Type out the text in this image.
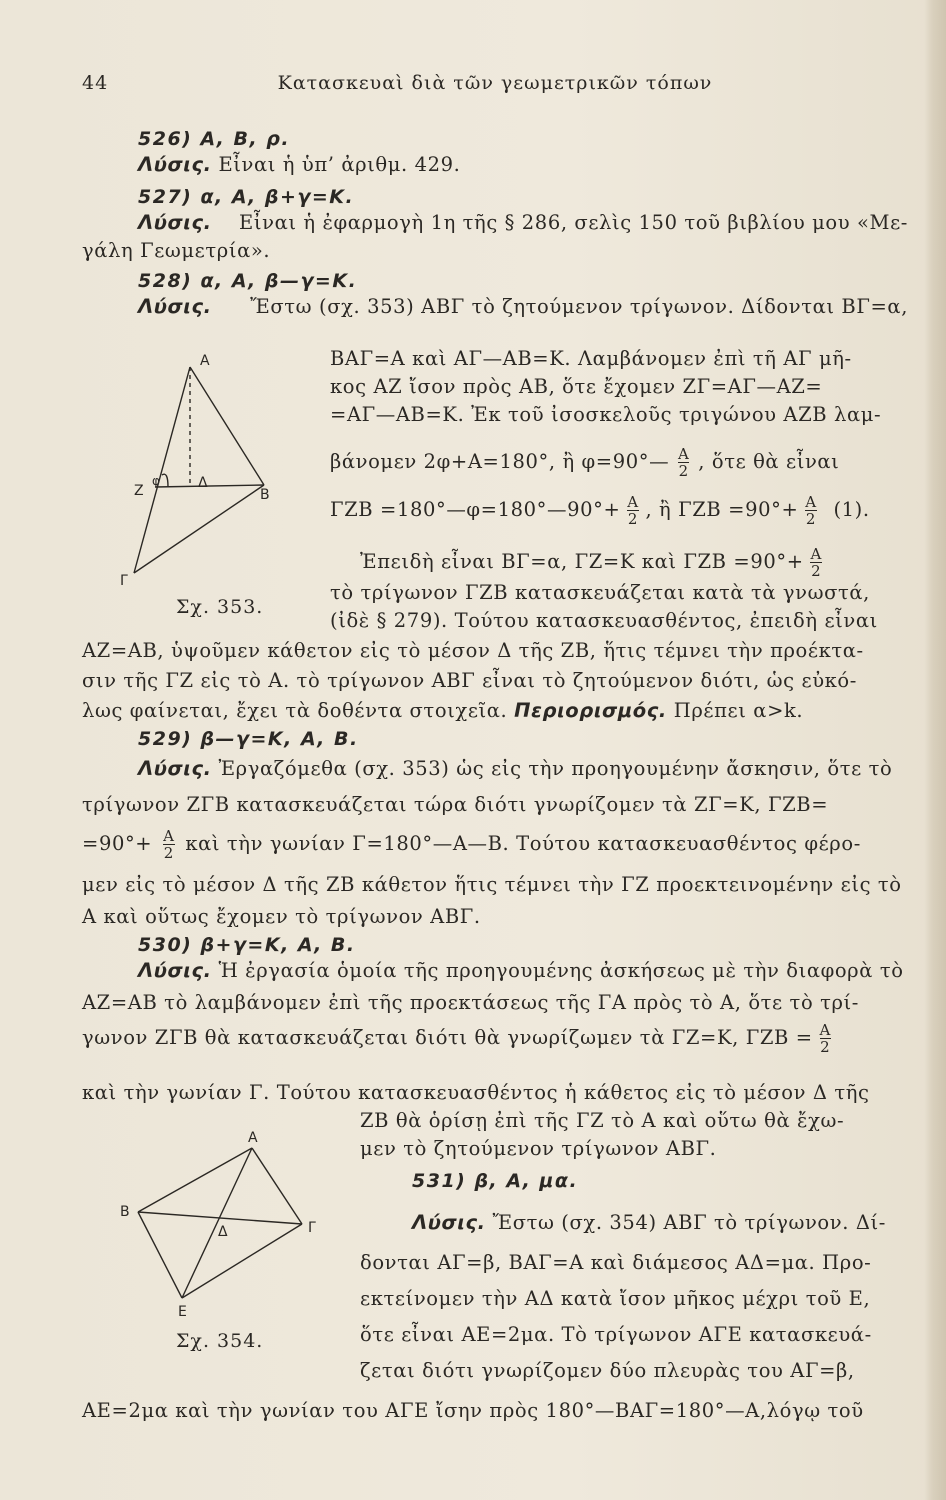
44	Κατασκευαὶ διὰ τῶν γεωμετρικῶν τόπων
526) Α, Β, ρ.
Λύσις. Εἶναι ἡ ὑπ’ ἀριθμ. 429.
527) α, Α, β+γ=Κ.
Λύσις. Εἶναι ἡ ἐφαρμογὴ 1η τῆς § 286, σελὶς 150 τοῦ βιβλίου μου «Με-
γάλη Γεωμετρία».
528) α, Α, β—γ=Κ.
Λύσις. Ἔστω (σχ. 353) ΑΒΓ τὸ ζητούμενον τρίγωνον. Δίδονται ΒΓ=α,
Α
Β
Γ
Ζ	Δ
φ
Σχ. 353.
ΒΑΓ=Α καὶ ΑΓ—ΑΒ=Κ. Λαμβάνομεν ἐπὶ τῆ ΑΓ μῆ-
κος ΑΖ ἴσον πρὸς ΑΒ, ὅτε ἔχομεν ΖΓ=ΑΓ—ΑΖ=
=ΑΓ—ΑΒ=Κ. Ἐκ τοῦ ἰσοσκελοῦς τριγώνου ΑΖΒ λαμ-
βάνομεν 2φ+Α=180°, ἢ φ=90°— $\frac{A}{2}$ , ὅτε θὰ εἶναι
ΓΖΒ =180°—φ=180°—90°+ $\frac{A}{2}$ , ἢ $\Gamma ZB =90^\circ+ \frac{A}{2} (1)$.
Ἐπειδὴ εἶναι ΒΓ=α, ΓΖ=Κ καὶ $\Gamma ZB =90^\circ+ \frac{A}{2}$
τὸ τρίγωνον ΓΖΒ κατασκευάζεται κατὰ τὰ γνωστά,
(ἰδὲ § 279). Τούτου κατασκευασθέντος, ἐπειδὴ εἶναι
ΑΖ=ΑΒ, ὑψοῦμεν κάθετον εἰς τὸ μέσον Δ τῆς ΖΒ, ἥτις τέμνει τὴν προέκτα-
σιν τῆς ΓΖ εἰς τὸ Α. τὸ τρίγωνον ΑΒΓ εἶναι τὸ ζητούμενον διότι, ὡς εὐκό-
λως φαίνεται, ἔχει τὰ δοθέντα στοιχεῖα. Περιορισμός. Πρέπει α>k.
529) β—γ=Κ, Α, Β.
Λύσις. Ἐργαζόμεθα (σχ. 353) ὡς εἰς τὴν προηγουμένην ἄσκησιν, ὅτε τὸ
τρίγωνον ΖΓΒ κατασκευάζεται τώρα διότι γνωρίζομεν τὰ ΖΓ=Κ, ΓΖΒ=
$=90^\circ+ \frac{A}{2}$ καὶ τὴν γωνίαν Γ=180°—Α—Β. Τούτου κατασκευασθέντος φέρο-
μεν εἰς τὸ μέσον Δ τῆς ΖΒ κάθετον ἥτις τέμνει τὴν ΓΖ προεκτεινομένην εἰς τὸ
Α καὶ οὕτως ἔχομεν τὸ τρίγωνον ΑΒΓ.
530) β+γ=Κ, Α, Β.
Λύσις. Ἡ ἐργασία ὁμοία τῆς προηγουμένης ἀσκήσεως μὲ τὴν διαφορὰ τὸ
ΑΖ=ΑΒ τὸ λαμβάνομεν ἐπὶ τῆς προεκτάσεως τῆς ΓΑ πρὸς τὸ Α, ὅτε τὸ τρί-
γωνον ΖΓΒ θὰ κατασκευάζεται διότι θὰ γνωρίζωμεν τὰ ΓΖ=Κ, $\Gamma ZB = \frac{A}{2}$
καὶ τὴν γωνίαν Γ. Τούτου κατασκευασθέντος ἡ κάθετος εἰς τὸ μέσον Δ τῆς
ΖΒ θὰ ὁρίσῃ ἐπὶ τῆς ΓΖ τὸ Α καὶ οὕτω θὰ ἔχω-
μεν τὸ ζητούμενον τρίγωνον ΑΒΓ.
Α
Β
Γ
Δ
Ε
Σχ. 354.
531) β, Α, μα.
Λύσις. Ἔστω (σχ. 354) ΑΒΓ τὸ τρίγωνον. Δί-
δονται ΑΓ=β, ΒΑΓ=Α καὶ διάμεσος ΑΔ=μα. Προ-
εκτείνομεν τὴν ΑΔ κατὰ ἴσον μῆκος μέχρι τοῦ Ε,
ὅτε εἶναι ΑΕ=2μα. Τὸ τρίγωνον ΑΓΕ κατασκευά-
ζεται διότι γνωρίζομεν δύο πλευρὰς του ΑΓ=β,
ΑΕ=2μα καὶ τὴν γωνίαν του ΑΓΕ ἴσην πρὸς 180°—ΒΑΓ=180°—Α,λόγῳ τοῦ
